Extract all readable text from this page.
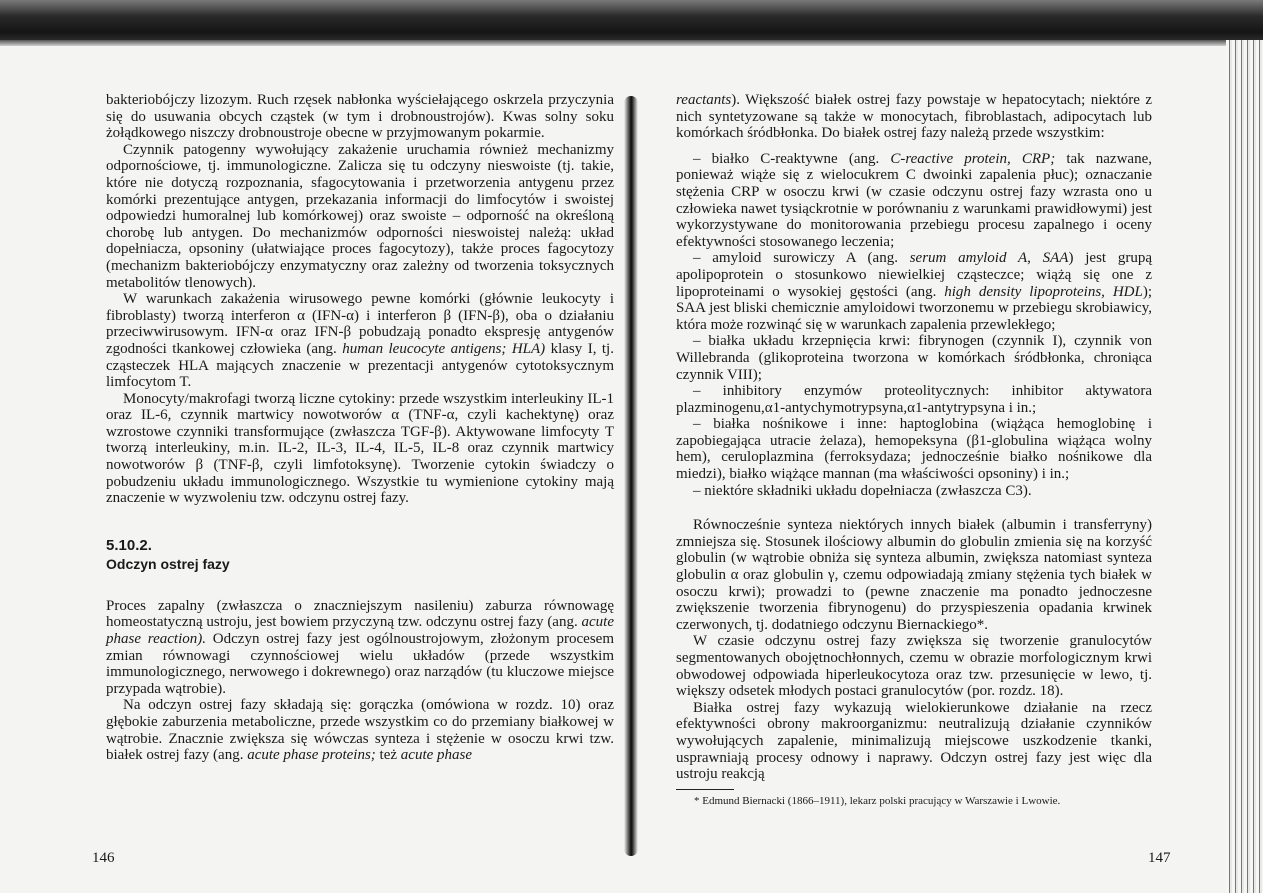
bakteriobójczy lizozym. Ruch rzęsek nabłonka wyściełającego oskrzela przyczynia się do usuwania obcych cząstek (w tym i drobnoustrojów). Kwas solny soku żołądkowego niszczy drobnoustroje obecne w przyjmowanym pokarmie.

Czynnik patogenny wywołujący zakażenie uruchamia również mechanizmy odpornościowe, tj. immunologiczne. Zalicza się tu odczyny nieswoiste (tj. takie, które nie dotyczą rozpoznania, sfagocytowania i przetworzenia antygenu przez komórki prezentujące antygen, przekazania informacji do limfocytów i swoistej odpowiedzi humoralnej lub komórkowej) oraz swoiste – odporność na określoną chorobę lub antygen. Do mechanizmów odporności nieswoistej należą: układ dopełniacza, opsoniny (ułatwiające proces fagocytozy), także proces fagocytozy (mechanizm bakteriobójczy enzymatyczny oraz zależny od tworzenia toksycznych metabolitów tlenowych).

W warunkach zakażenia wirusowego pewne komórki (głównie leukocyty i fibroblasty) tworzą interferon α (IFN-α) i interferon β (IFN-β), oba o działaniu przeciwwirusowym. IFN-α oraz IFN-β pobudzają ponadto ekspresję antygenów zgodności tkankowej człowieka (ang. human leucocyte antigens; HLA) klasy I, tj. cząsteczek HLA mających znaczenie w prezentacji antygenów cytotoksycznym limfocytom T.

Monocyty/makrofagi tworzą liczne cytokiny: przede wszystkim interleukiny IL-1 oraz IL-6, czynnik martwicy nowotworów α (TNF-α, czyli kachektynę) oraz wzrostowe czynniki transformujące (zwłaszcza TGF-β). Aktywowane limfocyty T tworzą interleukiny, m.in. IL-2, IL-3, IL-4, IL-5, IL-8 oraz czynnik martwicy nowotworów β (TNF-β, czyli limfotoksynę). Tworzenie cytokin świadczy o pobudzeniu układu immunologicznego. Wszystkie tu wymienione cytokiny mają znaczenie w wyzwoleniu tzw. odczynu ostrej fazy.

5.10.2.
Odczyn ostrej fazy

Proces zapalny (zwłaszcza o znaczniejszym nasileniu) zaburza równowagę homeostatyczną ustroju, jest bowiem przyczyną tzw. odczynu ostrej fazy (ang. acute phase reaction). Odczyn ostrej fazy jest ogólnoustrojowym, złożonym procesem zmian równowagi czynnościowej wielu układów (przede wszystkim immunologicznego, nerwowego i dokrewnego) oraz narządów (tu kluczowe miejsce przypada wątrobie).

Na odczyn ostrej fazy składają się: gorączka (omówiona w rozdz. 10) oraz głębokie zaburzenia metaboliczne, przede wszystkim co do przemiany białkowej w wątrobie. Znacznie zwiększa się wówczas synteza i stężenie w osoczu krwi tzw. białek ostrej fazy (ang. acute phase proteins; też acute phase

146

reactants). Większość białek ostrej fazy powstaje w hepatocytach; niektóre z nich syntetyzowane są także w monocytach, fibroblastach, adipocytach lub komórkach śródbłonka. Do białek ostrej fazy należą przede wszystkim:

– białko C-reaktywne (ang. C-reactive protein, CRP; tak nazwane, ponieważ wiąże się z wielocukrem C dwoinki zapalenia płuc); oznaczanie stężenia CRP w osoczu krwi (w czasie odczynu ostrej fazy wzrasta ono u człowieka nawet tysiąckrotnie w porównaniu z warunkami prawidłowymi) jest wykorzystywane do monitorowania przebiegu procesu zapalnego i oceny efektywności stosowanego leczenia;

– amyloid surowiczy A (ang. serum amyloid A, SAA) jest grupą apolipoprotein o stosunkowo niewielkiej cząsteczce; wiążą się one z lipoproteinami o wysokiej gęstości (ang. high density lipoproteins, HDL); SAA jest bliski chemicznie amyloidowi tworzonemu w przebiegu skrobiawicy, która może rozwinąć się w warunkach zapalenia przewlekłego;

– białka układu krzepnięcia krwi: fibrynogen (czynnik I), czynnik von Willebranda (glikoproteina tworzona w komórkach śródbłonka, chroniąca czynnik VIII);

– inhibitory enzymów proteolitycznych: inhibitor aktywatora plazminogenu,α1-antychymotrypsyna,α1-antytrypsyna i in.;

– białka nośnikowe i inne: haptoglobina (wiążąca hemoglobinę i zapobiegająca utracie żelaza), hemopeksyna (β1-globulina wiążąca wolny hem), ceruloplazmina (ferroksydaza; jednocześnie białko nośnikowe dla miedzi), białko wiążące mannan (ma właściwości opsoniny) i in.;

– niektóre składniki układu dopełniacza (zwłaszcza C3).

Równocześnie synteza niektórych innych białek (albumin i transferryny) zmniejsza się. Stosunek ilościowy albumin do globulin zmienia się na korzyść globulin (w wątrobie obniża się synteza albumin, zwiększa natomiast synteza globulin α oraz globulin γ, czemu odpowiadają zmiany stężenia tych białek w osoczu krwi); prowadzi to (pewne znaczenie ma ponadto jednoczesne zwiększenie tworzenia fibrynogenu) do przyspieszenia opadania krwinek czerwonych, tj. dodatniego odczynu Biernackiego*.

W czasie odczynu ostrej fazy zwiększa się tworzenie granulocytów segmentowanych obojętnochłonnych, czemu w obrazie morfologicznym krwi obwodowej odpowiada hiperleukocytoza oraz tzw. przesunięcie w lewo, tj. większy odsetek młodych postaci granulocytów (por. rozdz. 18).

Białka ostrej fazy wykazują wielokierunkowe działanie na rzecz efektywności obrony makroorganizmu: neutralizują działanie czynników wywołujących zapalenie, minimalizują miejscowe uszkodzenie tkanki, usprawniają procesy odnowy i naprawy. Odczyn ostrej fazy jest więc dla ustroju reakcją

* Edmund Biernacki (1866–1911), lekarz polski pracujący w Warszawie i Lwowie.

147
